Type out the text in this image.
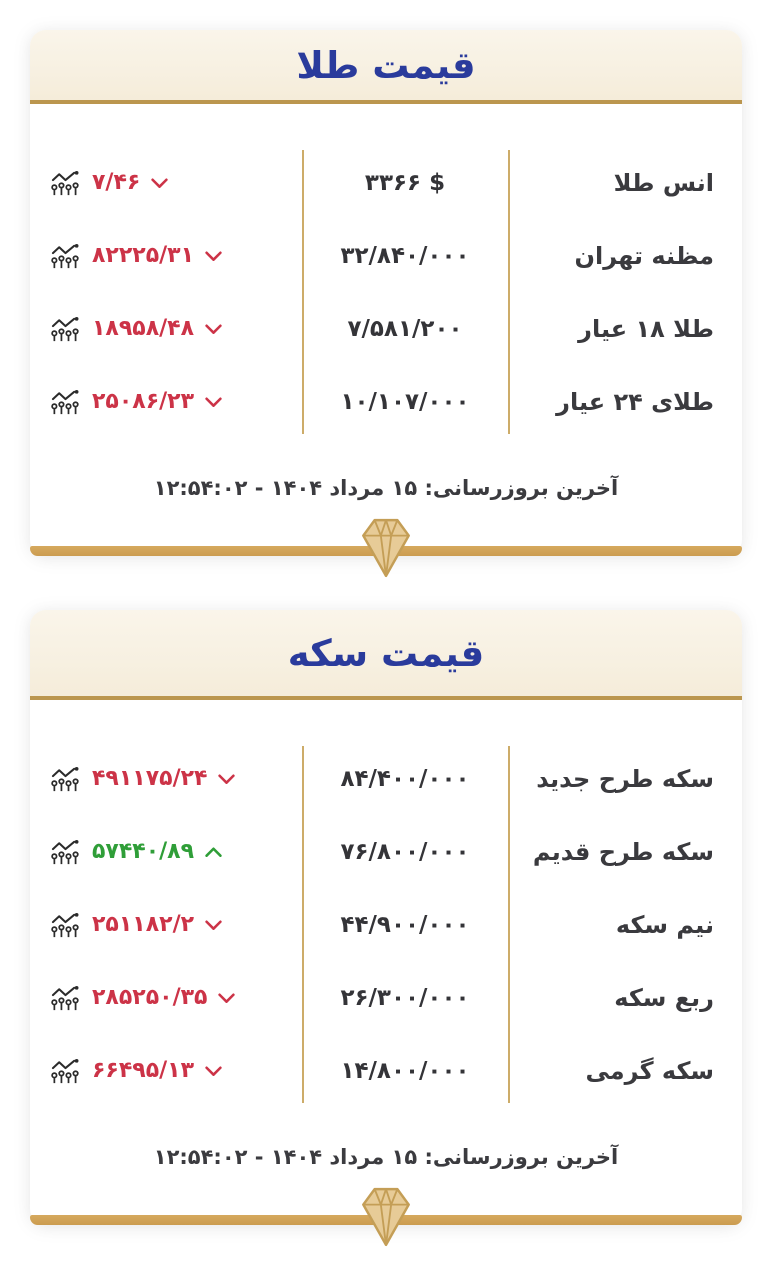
قیمت طلا
۷/۴۶	۳۳۶۶ $	انس طلا
۸۲۲۲۵/۳۱	۳۲/۸۴۰/۰۰۰	مظنه تهران
۱۸۹۵۸/۴۸	۷/۵۸۱/۲۰۰	طلا ۱۸ عیار
۲۵۰۸۶/۲۳	۱۰/۱۰۷/۰۰۰	طلای ۲۴ عیار
آخرین بروزرسانی: ۱۵ مرداد ۱۴۰۴ - ۱۲:۵۴:۰۲
قیمت سکه
۴۹۱۱۷۵/۲۴	۸۴/۴۰۰/۰۰۰	سکه طرح جدید
۵۷۴۴۰/۸۹	۷۶/۸۰۰/۰۰۰	سکه طرح قدیم
۲۵۱۱۸۲/۲	۴۴/۹۰۰/۰۰۰	نیم سکه
۲۸۵۲۵۰/۳۵	۲۶/۳۰۰/۰۰۰	ربع سکه
۶۶۴۹۵/۱۳	۱۴/۸۰۰/۰۰۰	سکه گرمی
آخرین بروزرسانی: ۱۵ مرداد ۱۴۰۴ - ۱۲:۵۴:۰۲
